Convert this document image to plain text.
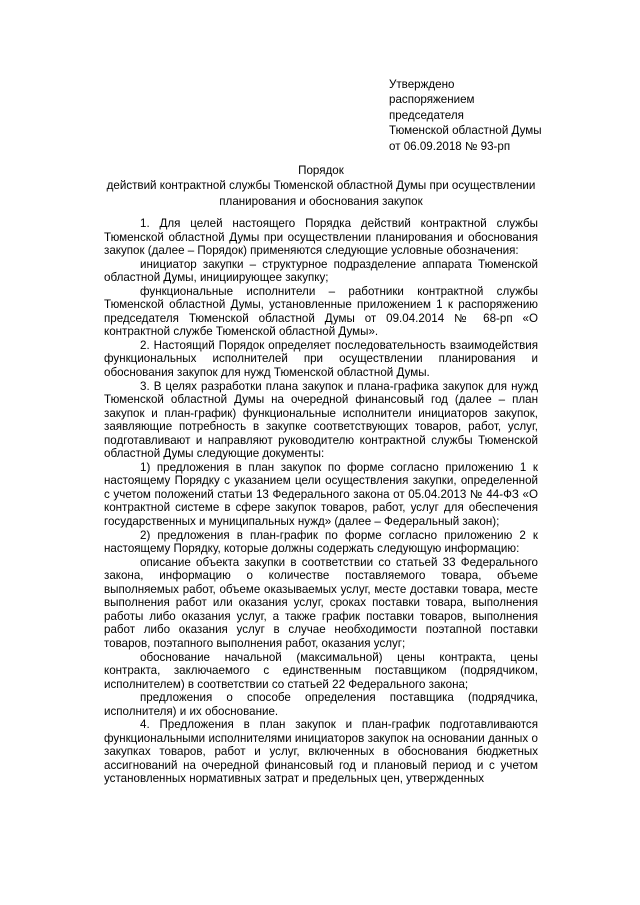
Утверждено
распоряжением
председателя
Тюменской областной Думы
от 06.09.2018 № 93-рп
Порядок
действий контрактной службы Тюменской областной Думы при осуществлении
планирования и обоснования закупок

1. Для целей настоящего Порядка действий контрактной службы Тюменской областной Думы при осуществлении планирования и обоснования закупок (далее – Порядок) применяются следующие условные обозначения:

инициатор закупки – структурное подразделение аппарата Тюменской областной Думы, инициирующее закупку;

функциональные исполнители – работники контрактной службы Тюменской областной Думы, установленные приложением 1 к распоряжению председателя Тюменской областной Думы от 09.04.2014 № 68-рп «О контрактной службе Тюменской областной Думы».

2. Настоящий Порядок определяет последовательность взаимодействия функциональных исполнителей при осуществлении планирования и обоснования закупок для нужд Тюменской областной Думы.

3. В целях разработки плана закупок и плана-графика закупок для нужд Тюменской областной Думы на очередной финансовый год (далее – план закупок и план-график) функциональные исполнители инициаторов закупок, заявляющие потребность в закупке соответствующих товаров, работ, услуг, подготавливают и направляют руководителю контрактной службы Тюменской областной Думы следующие документы:

1) предложения в план закупок по форме согласно приложению 1 к настоящему Порядку с указанием цели осуществления закупки, определенной с учетом положений статьи 13 Федерального закона от 05.04.2013 № 44-ФЗ «О контрактной системе в сфере закупок товаров, работ, услуг для обеспечения государственных и муниципальных нужд» (далее – Федеральный закон);

2) предложения в план-график по форме согласно приложению 2 к настоящему Порядку, которые должны содержать следующую информацию:

описание объекта закупки в соответствии со статьей 33 Федерального закона, информацию о количестве поставляемого товара, объеме выполняемых работ, объеме оказываемых услуг, месте доставки товара, месте выполнения работ или оказания услуг, сроках поставки товара, выполнения работы либо оказания услуг, а также график поставки товаров, выполнения работ либо оказания услуг в случае необходимости поэтапной поставки товаров, поэтапного выполнения работ, оказания услуг;

обоснование начальной (максимальной) цены контракта, цены контракта, заключаемого с единственным поставщиком (подрядчиком, исполнителем) в соответствии со статьей 22 Федерального закона;

предложения о способе определения поставщика (подрядчика, исполнителя) и их обоснование.

4. Предложения в план закупок и план-график подготавливаются функциональными исполнителями инициаторов закупок на основании данных о закупках товаров, работ и услуг, включенных в обоснования бюджетных ассигнований на очередной финансовый год и плановый период и с учетом установленных нормативных затрат и предельных цен, утвержденных
